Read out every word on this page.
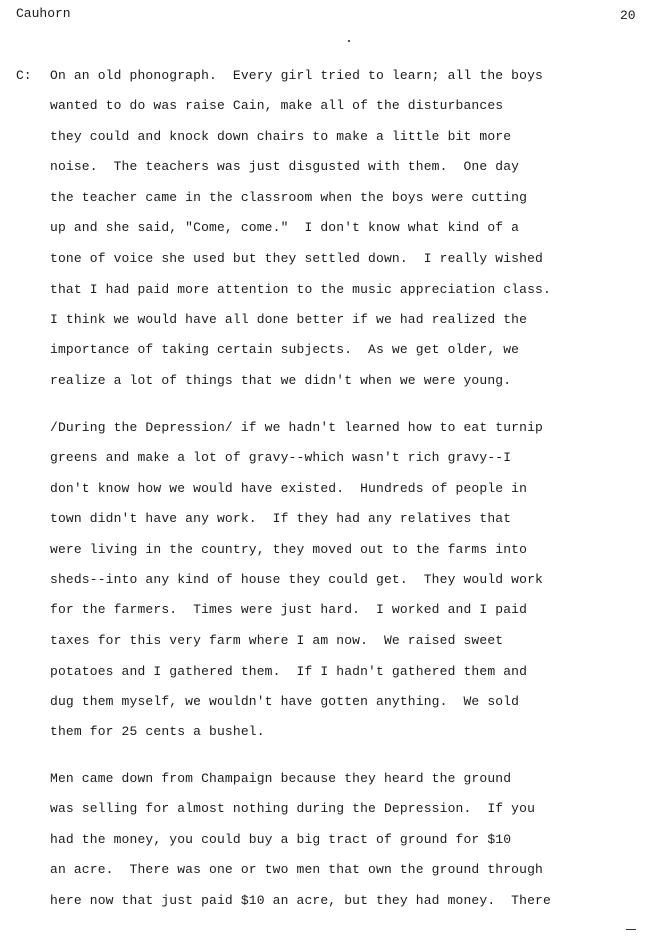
Cauhorn	20
C: On an old phonograph.  Every girl tried to learn; all the boys
wanted to do was raise Cain, make all of the disturbances
they could and knock down chairs to make a little bit more
noise.  The teachers was just disgusted with them.  One day
the teacher came in the classroom when the boys were cutting
up and she said, "Come, come."  I don't know what kind of a
tone of voice she used but they settled down.  I really wished
that I had paid more attention to the music appreciation class.
I think we would have all done better if we had realized the
importance of taking certain subjects.  As we get older, we
realize a lot of things that we didn't when we were young.
/During the Depression/ if we hadn't learned how to eat turnip
greens and make a lot of gravy--which wasn't rich gravy--I
don't know how we would have existed.  Hundreds of people in
town didn't have any work.  If they had any relatives that
were living in the country, they moved out to the farms into
sheds--into any kind of house they could get.  They would work
for the farmers.  Times were just hard.  I worked and I paid
taxes for this very farm where I am now.  We raised sweet
potatoes and I gathered them.  If I hadn't gathered them and
dug them myself, we wouldn't have gotten anything.  We sold
them for 25 cents a bushel.
Men came down from Champaign because they heard the ground
was selling for almost nothing during the Depression.  If you
had the money, you could buy a big tract of ground for $10
an acre.  There was one or two men that own the ground through
here now that just paid $10 an acre, but they had money.  There
